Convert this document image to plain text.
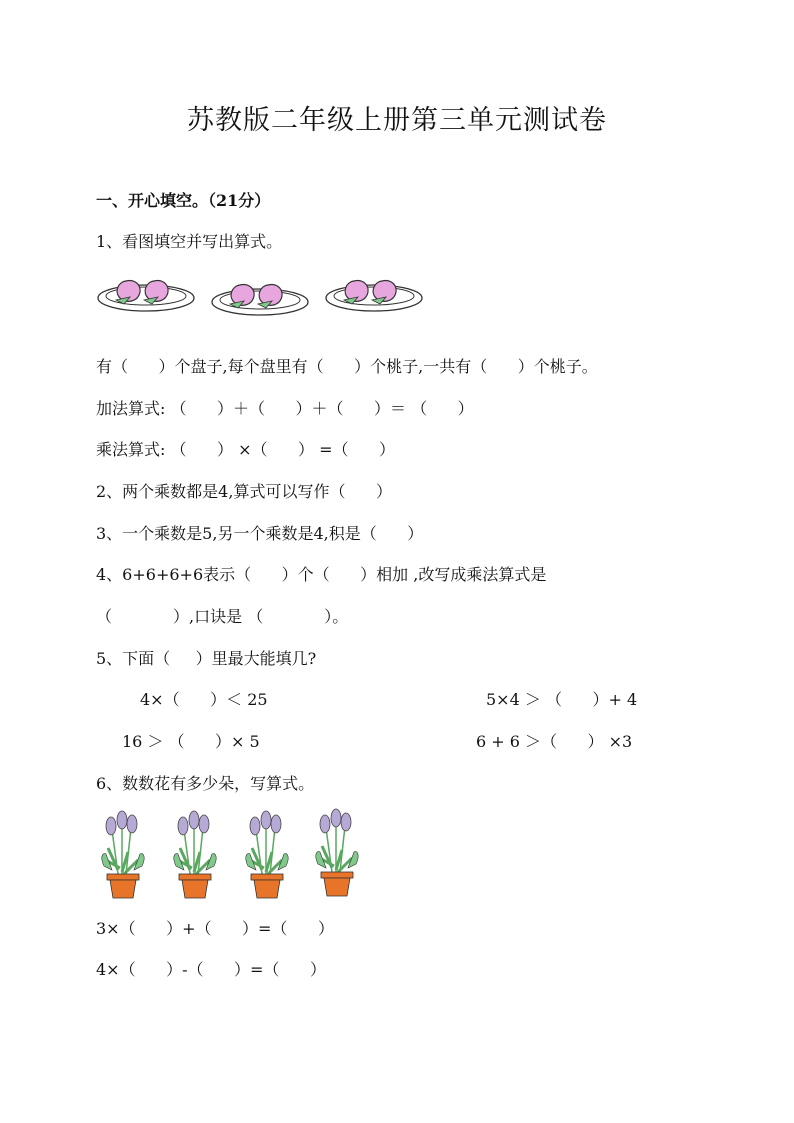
苏教版二年级上册第三单元测试卷
一、开心填空。（21分）
1、看图填空并写出算式。
有（      ）个盘子,每个盘里有（      ）个桃子,一共有（      ）个桃子。
加法算式: （      ）＋（      ）＋（      ）＝ （      ）
乘法算式: （      ） ×（      ） =（      ）
2、两个乘数都是4,算式可以写作（      ）
3、一个乘数是5,另一个乘数是4,积是（      ）
4、6+6+6+6表示（      ）个（      ）相加 ,改写成乘法算式是
（            ）,口诀是 （            ）。
5、下面（     ）里最大能填几?
4×（      ）＜ 25	5×4 ＞ （      ）+ 4
16 ＞ （      ）× 5	6 + 6 ＞（      ） ×3
6、数数花有多少朵，写算式。
3×（      ）+（      ）=（      ）
4×（      ）-（      ）=（      ）
